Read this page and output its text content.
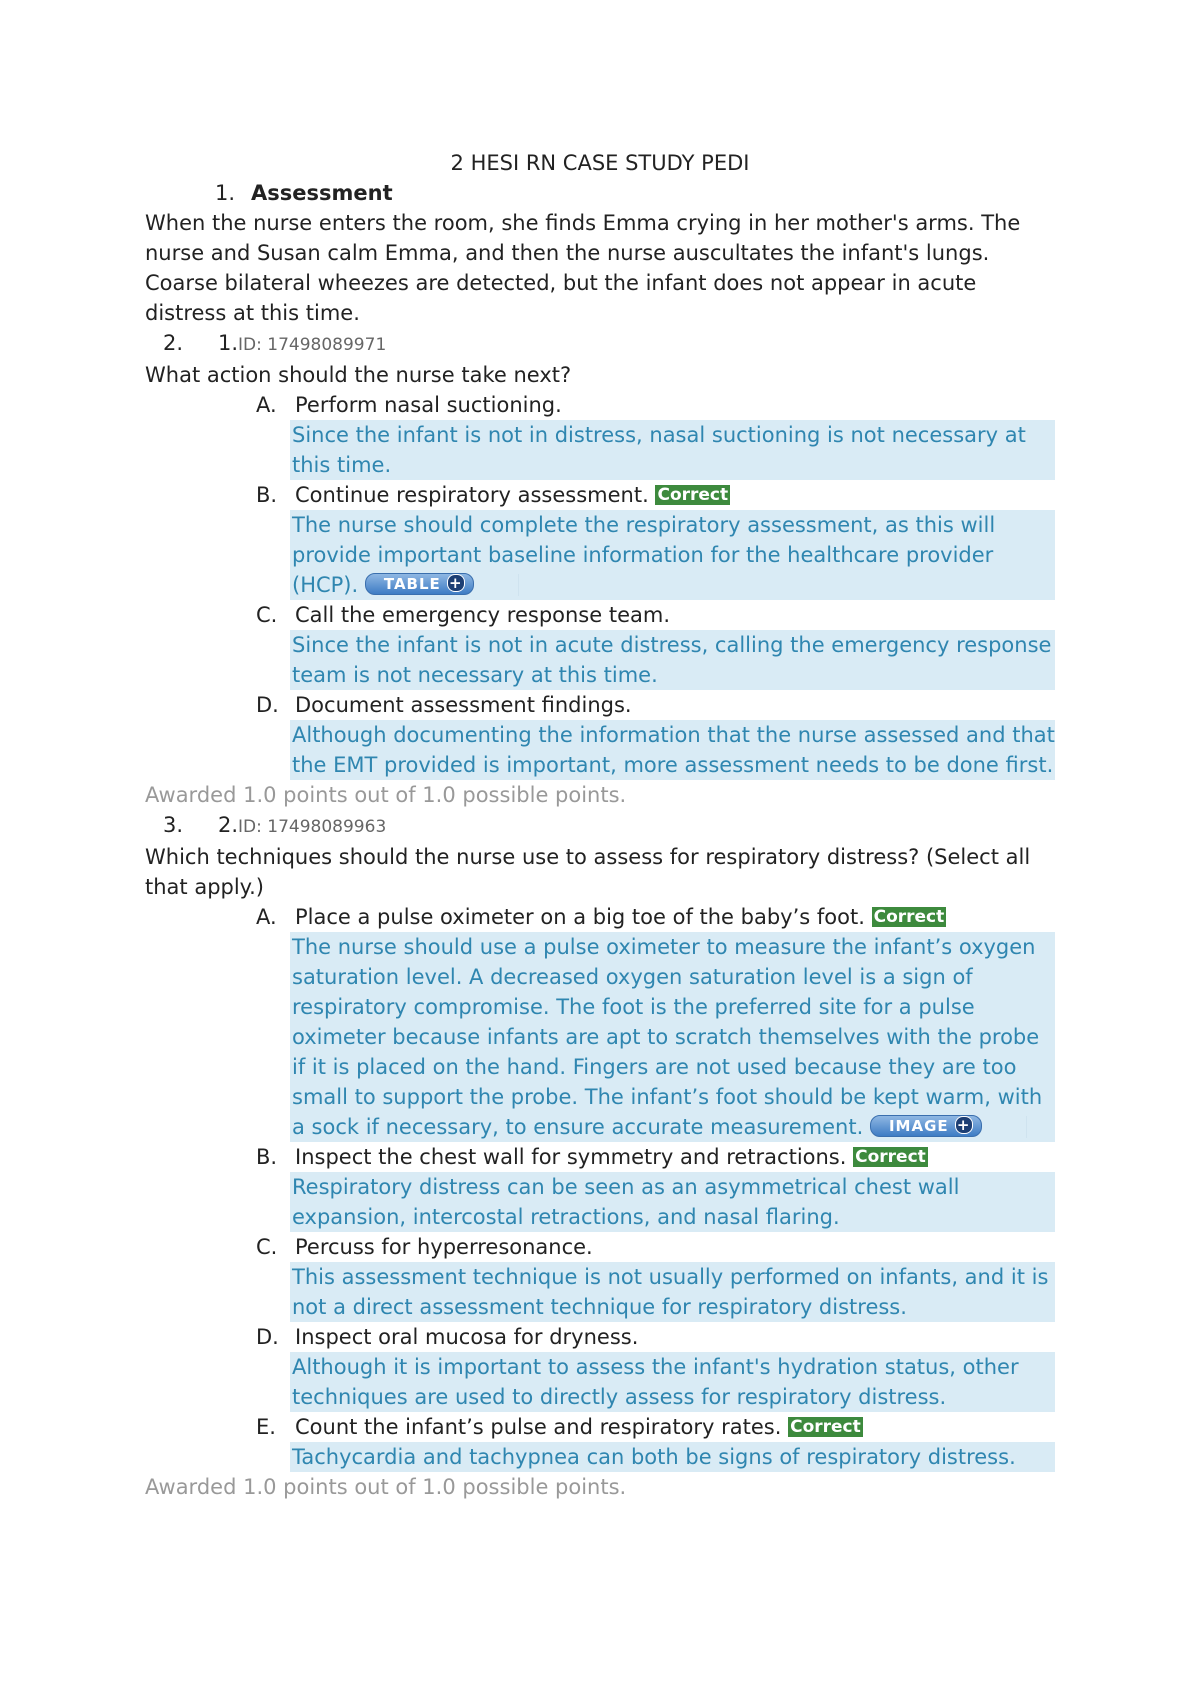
2 HESI RN CASE STUDY PEDI
1. Assessment
When the nurse enters the room, she finds Emma crying in her mother's arms. The nurse and Susan calm Emma, and then the nurse auscultates the infant's lungs. Coarse bilateral wheezes are detected, but the infant does not appear in acute distress at this time.
2. 1.ID: 17498089971
What action should the nurse take next?
A. Perform nasal suctioning.
Since the infant is not in distress, nasal suctioning is not necessary at this time.
B. Continue respiratory assessment. Correct
The nurse should complete the respiratory assessment, as this will provide important baseline information for the healthcare provider (HCP). TABLE +
C. Call the emergency response team.
Since the infant is not in acute distress, calling the emergency response team is not necessary at this time.
D. Document assessment findings.
Although documenting the information that the nurse assessed and that the EMT provided is important, more assessment needs to be done first.
Awarded 1.0 points out of 1.0 possible points.
3. 2.ID: 17498089963
Which techniques should the nurse use to assess for respiratory distress? (Select all that apply.)
A. Place a pulse oximeter on a big toe of the baby’s foot. Correct
The nurse should use a pulse oximeter to measure the infant’s oxygen saturation level. A decreased oxygen saturation level is a sign of respiratory compromise. The foot is the preferred site for a pulse oximeter because infants are apt to scratch themselves with the probe if it is placed on the hand. Fingers are not used because they are too small to support the probe. The infant’s foot should be kept warm, with a sock if necessary, to ensure accurate measurement. IMAGE +
B. Inspect the chest wall for symmetry and retractions. Correct
Respiratory distress can be seen as an asymmetrical chest wall expansion, intercostal retractions, and nasal flaring.
C. Percuss for hyperresonance.
This assessment technique is not usually performed on infants, and it is not a direct assessment technique for respiratory distress.
D. Inspect oral mucosa for dryness.
Although it is important to assess the infant's hydration status, other techniques are used to directly assess for respiratory distress.
E. Count the infant’s pulse and respiratory rates. Correct
Tachycardia and tachypnea can both be signs of respiratory distress.
Awarded 1.0 points out of 1.0 possible points.
